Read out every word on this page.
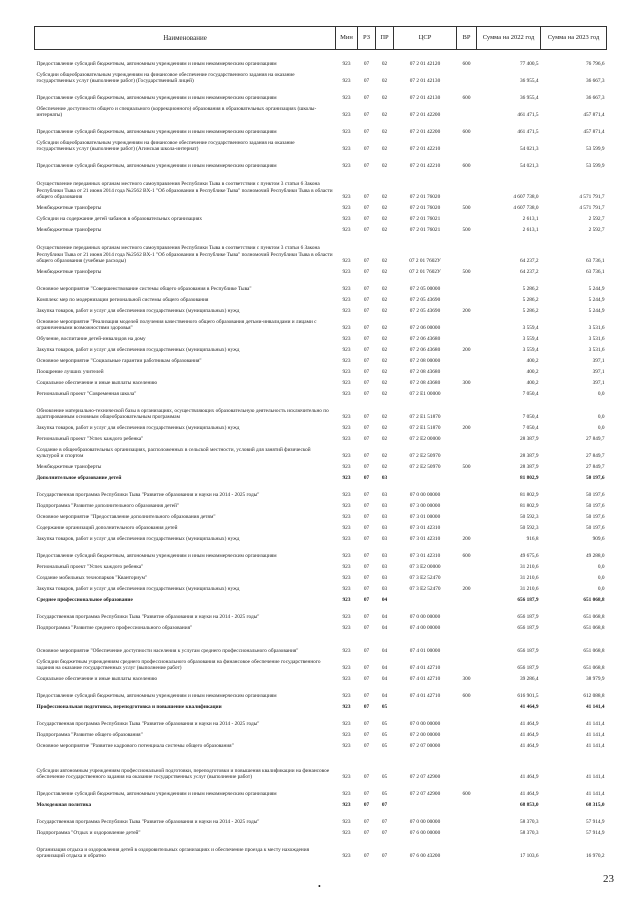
Наименование	Мин	РЗ	ПР	ЦСР	ВР	Сумма на 2022 год	Сумма на 2023 год
Предоставление субсидий бюджетным, автономным учреждениям и иным некоммерческим организациям	923	07	02	07 2 01 42120	600	77 400,5	76 796,6
Субсидии общеобразовательным учреждениям на финансовое обеспечение государственного задания на оказание государственных услуг (выполнение работ) (Государственный лицей)	923	07	02	07 2 01 42130		36 955,4	36 667,3
Предоставление субсидий бюджетным, автономным учреждениям и иным некоммерческим организациям	923	07	02	07 2 01 42130	600	36 955,4	36 667,3
Обеспечение доступности общего и специального (коррекционного) образования в образовательных организациях (школы-интернаты)	923	07	02	07 2 01 42200		461 471,5	457 871,4
Предоставление субсидий бюджетным, автономным учреждениям и иным некоммерческим организациям	923	07	02	07 2 01 42200	600	461 471,5	457 871,4
Субсидии общеобразовательным учреждениям на финансовое обеспечение государственного задания на оказание государственных услуг (выполнение работ) (Агинская школа-интернат)	923	07	02	07 2 01 42210		54 021,3	53 599,9
Предоставление субсидий бюджетным, автономным учреждениям и иным некоммерческим организациям	923	07	02	07 2 01 42210	600	54 021,3	53 599,9
Осуществление переданных органам местного самоуправления Республики Тыва в соответствии с пунктом 3 статьи 6 Закона Республики Тыва от 21 июня 2014 года №2562 ВХ-1 "Об образовании в Республике Тыва" полномочий Республики Тыва в области общего образования	923	07	02	07 2 01 76020		4 607 738,0	4 571 791,7
Межбюджетные трансферты	923	07	02	07 2 01 76020	500	4 607 738,0	4 571 791,7
Субсидии на содержание детей чабанов в образовательных организациях	923	07	02	07 2 01 76021		2 613,1	2 592,7
Межбюджетные трансферты	923	07	02	07 2 01 76021	500	2 613,1	2 592,7
Осуществление переданных органам местного самоуправления Республики Тыва в соответствии с пунктом 3 статьи 6 Закона Республики Тыва от 21 июня 2014 года №2562 ВХ-1 "Об образовании в Республике Тыва" полномочий Республики Тыва в области общего образования (учебные расходы)	923	07	02	07 2 01 7602У		64 237,2	63 736,1
Межбюджетные трансферты	923	07	02	07 2 01 7602У	500	64 237,2	63 736,1
Основное мероприятие "Совершенствование системы общего образования в Республике Тыва"	923	07	02	07 2 05 00000		5 286,2	5 244,9
Комплекс мер по модернизации региональной системы общего образования	923	07	02	07 2 05 43690		5 286,2	5 244,9
Закупка товаров, работ и услуг для обеспечения государственных (муниципальных) нужд	923	07	02	07 2 05 43690	200	5 286,2	5 244,9
Основное мероприятие "Реализация моделей получения качественного общего образования детьми-инвалидами и лицами с ограниченными возможностями здоровья"	923	07	02	07 2 06 00000		3 559,4	3 531,6
Обучение, воспитание детей-инвалидов на дому	923	07	02	07 2 06 43680		3 559,4	3 531,6
Закупка товаров, работ и услуг для обеспечения государственных (муниципальных) нужд	923	07	02	07 2 06 43680	200	3 559,4	3 531,6
Основное мероприятие "Социальные гарантии работникам образования"	923	07	02	07 2 08 00000		400,2	397,1
Поощрение лучших учителей	923	07	02	07 2 08 43680		400,2	397,1
Социальное обеспечение и иные выплаты населению	923	07	02	07 2 08 43680	300	400,2	397,1
Региональный проект "Современная школа"	923	07	02	07 2 Е1 00000		7 050,4	0,0
Обновление материально-технической базы в организациях, осуществляющих образовательную деятельность исключительно по адаптированным основным общеобразовательным программам	923	07	02	07 2 Е1 51870		7 050,4	0,0
Закупка товаров, работ и услуг для обеспечения государственных (муниципальных) нужд	923	07	02	07 2 Е1 51870	200	7 050,4	0,0
Региональный проект "Успех каждого ребенка"	923	07	02	07 2 Е2 00000		28 387,9	27 849,7
Создание в общеобразовательных организациях, расположенных в сельской местности, условий для занятий физической культурой и спортом	923	07	02	07 2 Е2 50970		28 387,9	27 849,7
Межбюджетные трансферты	923	07	02	07 2 Е2 50970	500	28 387,9	27 849,7
Дополнительное образование детей	923	07	03			81 802,9	50 197,6
Государственная программа Республики Тыва "Развитие образования и науки на 2014 - 2025 годы"	923	07	03	07 0 00 00000		81 802,9	50 197,6
Подпрограмма "Развитие дополнительного образования детей"	923	07	03	07 3 00 00000		81 802,9	50 197,6
Основное мероприятие "Предоставление дополнительного образования детям"	923	07	03	07 3 01 00000		50 592,3	50 197,6
Содержание организаций дополнительного образования детей	923	07	03	07 3 01 42310		50 592,3	50 197,6
Закупка товаров, работ и услуг для обеспечения государственных (муниципальных) нужд	923	07	03	07 3 01 42310	200	916,8	909,6
Предоставление субсидий бюджетным, автономным учреждениям и иным некоммерческим организациям	923	07	03	07 3 01 42310	600	49 675,6	49 288,0
Региональный проект "Успех каждого ребенка"	923	07	03	07 3 Е2 00000		31 210,6	0,0
Создание мобильных технопарков "Кванториум"	923	07	03	07 3 Е2 52470		31 210,6	0,0
Закупка товаров, работ и услуг для обеспечения государственных (муниципальных) нужд	923	07	03	07 3 Е2 52470	200	31 210,6	0,0
Среднее профессиональное образование	923	07	04			656 187,9	651 068,8
Государственная программа Республики Тыва "Развитие образования и науки на 2014 - 2025 годы"	923	07	04	07 0 00 00000		656 187,9	651 068,8
Подпрограмма "Развитие среднего профессионального образования"	923	07	04	07 4 00 00000		656 187,9	651 068,8
Основное мероприятие "Обеспечение доступности населения к услугам среднего профессионального образования"	923	07	04	07 4 01 00000		656 187,9	651 068,8
Субсидии бюджетным учреждениям среднего профессионального образования на финансовое обеспечение государственного задания на оказание государственных услуг (выполнение работ)	923	07	04	07 4 01 42710		656 187,9	651 068,8
Социальное обеспечение и иные выплаты населению	923	07	04	07 4 01 42710	300	39 286,4	38 979,9
Предоставление субсидий бюджетным, автономным учреждениям и иным некоммерческим организациям	923	07	04	07 4 01 42710	600	616 901,5	612 088,8
Профессиональная подготовка, переподготовка и повышение квалификации	923	07	05			41 464,9	41 141,4
Государственная программа Республики Тыва "Развитие образования и науки на 2014 - 2025 годы"	923	07	05	07 0 00 00000		41 464,9	41 141,4
Подпрограмма "Развитие общего образования"	923	07	05	07 2 00 00000		41 464,9	41 141,4
Основное мероприятие "Развитие кадрового потенциала системы общего образования"	923	07	05	07 2 07 00000		41 464,9	41 141,4
Субсидии автономным учреждениям профессиональной подготовки, переподготовки и повышения квалификации на финансовое обеспечение государственного задания на оказание государственных услуг (выполнение работ)	923	07	05	07 2 07 42900		41 464,9	41 141,4
Предоставление субсидий бюджетным, автономным учреждениям и иным некоммерческим организациям	923	07	05	07 2 07 42900	600	41 464,9	41 141,4
Молодежная политика	923	07	07			68 853,0	68 315,0
Государственная программа Республики Тыва "Развитие образования и науки на 2014 - 2025 годы"	923	07	07	07 0 00 00000		58 370,3	57 914,9
Подпрограмма "Отдых и оздоровление детей"	923	07	07	07 6 00 00000		58 370,3	57 914,9
Организация отдыха и оздоровления детей в оздоровительных организациях и обеспечение проезда к месту нахождения организаций отдыха и обратно	923	07	07	07 6 00 43200		17 103,6	16 970,2
•
23
